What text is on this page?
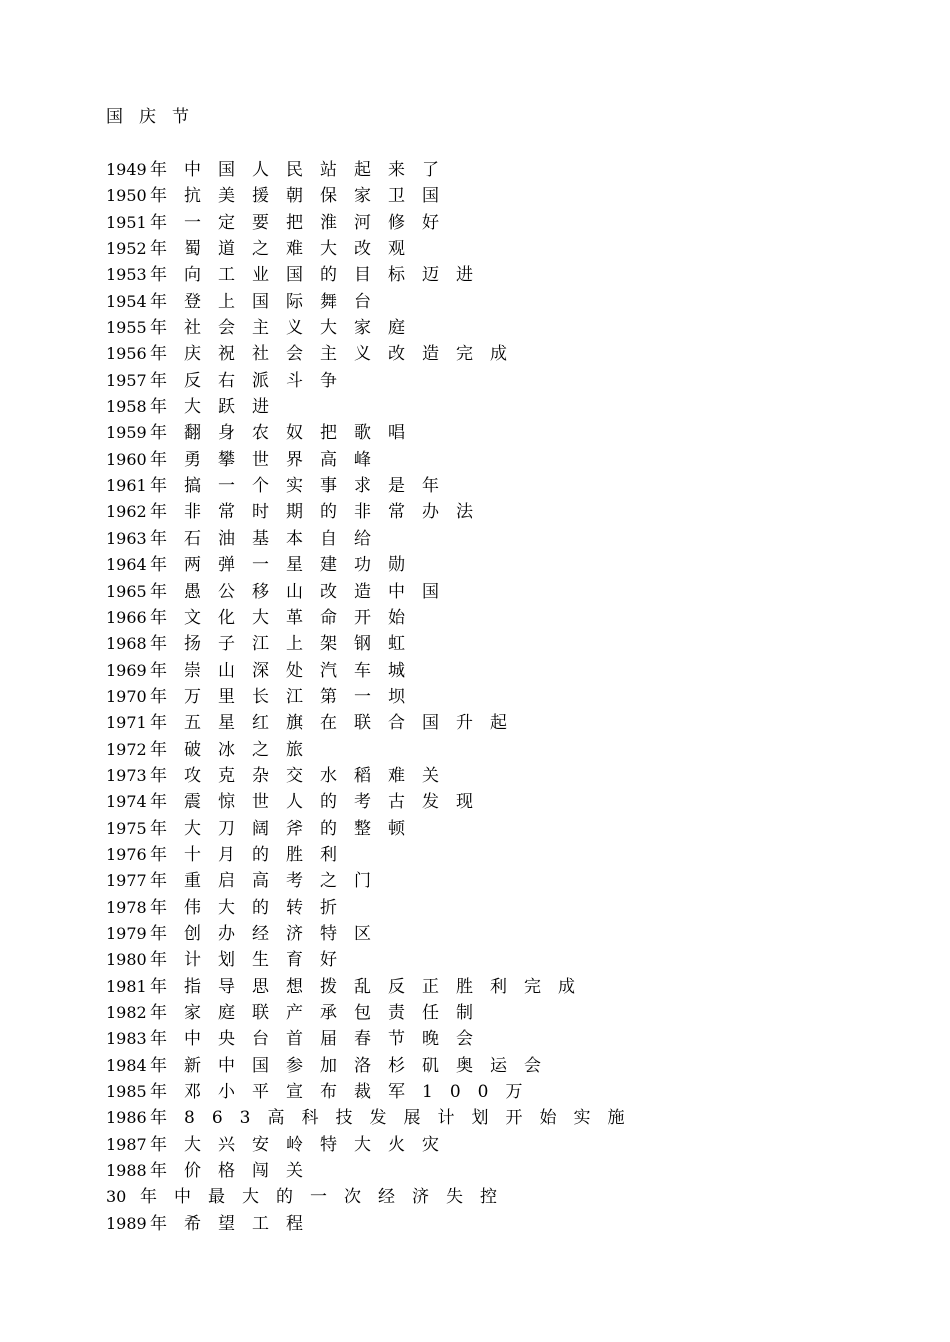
国庆节
1949 年中国人民站起来了
1950 年抗美援朝保家卫国
1951 年一定要把淮河修好
1952 年蜀道之难大改观
1953 年向工业国的目标迈进
1954 年登上国际舞台
1955 年社会主义大家庭
1956 年庆祝社会主义改造完成
1957 年反右派斗争
1958 年大跃进
1959 年翻身农奴把歌唱
1960 年勇攀世界高峰
1961 年搞一个实事求是年
1962 年非常时期的非常办法
1963 年石油基本自给
1964 年两弹一星建功勋
1965 年愚公移山改造中国
1966 年文化大革命开始
1968 年扬子江上架钢虹
1969 年崇山深处汽车城
1970 年万里长江第一坝
1971 年五星红旗在联合国升起
1972 年破冰之旅
1973 年攻克杂交水稻难关
1974 年震惊世人的考古发现
1975 年大刀阔斧的整顿
1976 年十月的胜利
1977 年重启高考之门
1978 年伟大的转折
1979 年创办经济特区
1980 年计划生育好
1981 年指导思想拨乱反正胜利完成
1982 年家庭联产承包责任制
1983 年中央台首届春节晚会
1984 年新中国参加洛杉矶奥运会
1985 年邓小平宣布裁军100万
1986 年863高科技发展计划开始实施
1987 年大兴安岭特大火灾
1988 年价格闯关
30 年中最大的一次经济失控
1989 年希望工程
